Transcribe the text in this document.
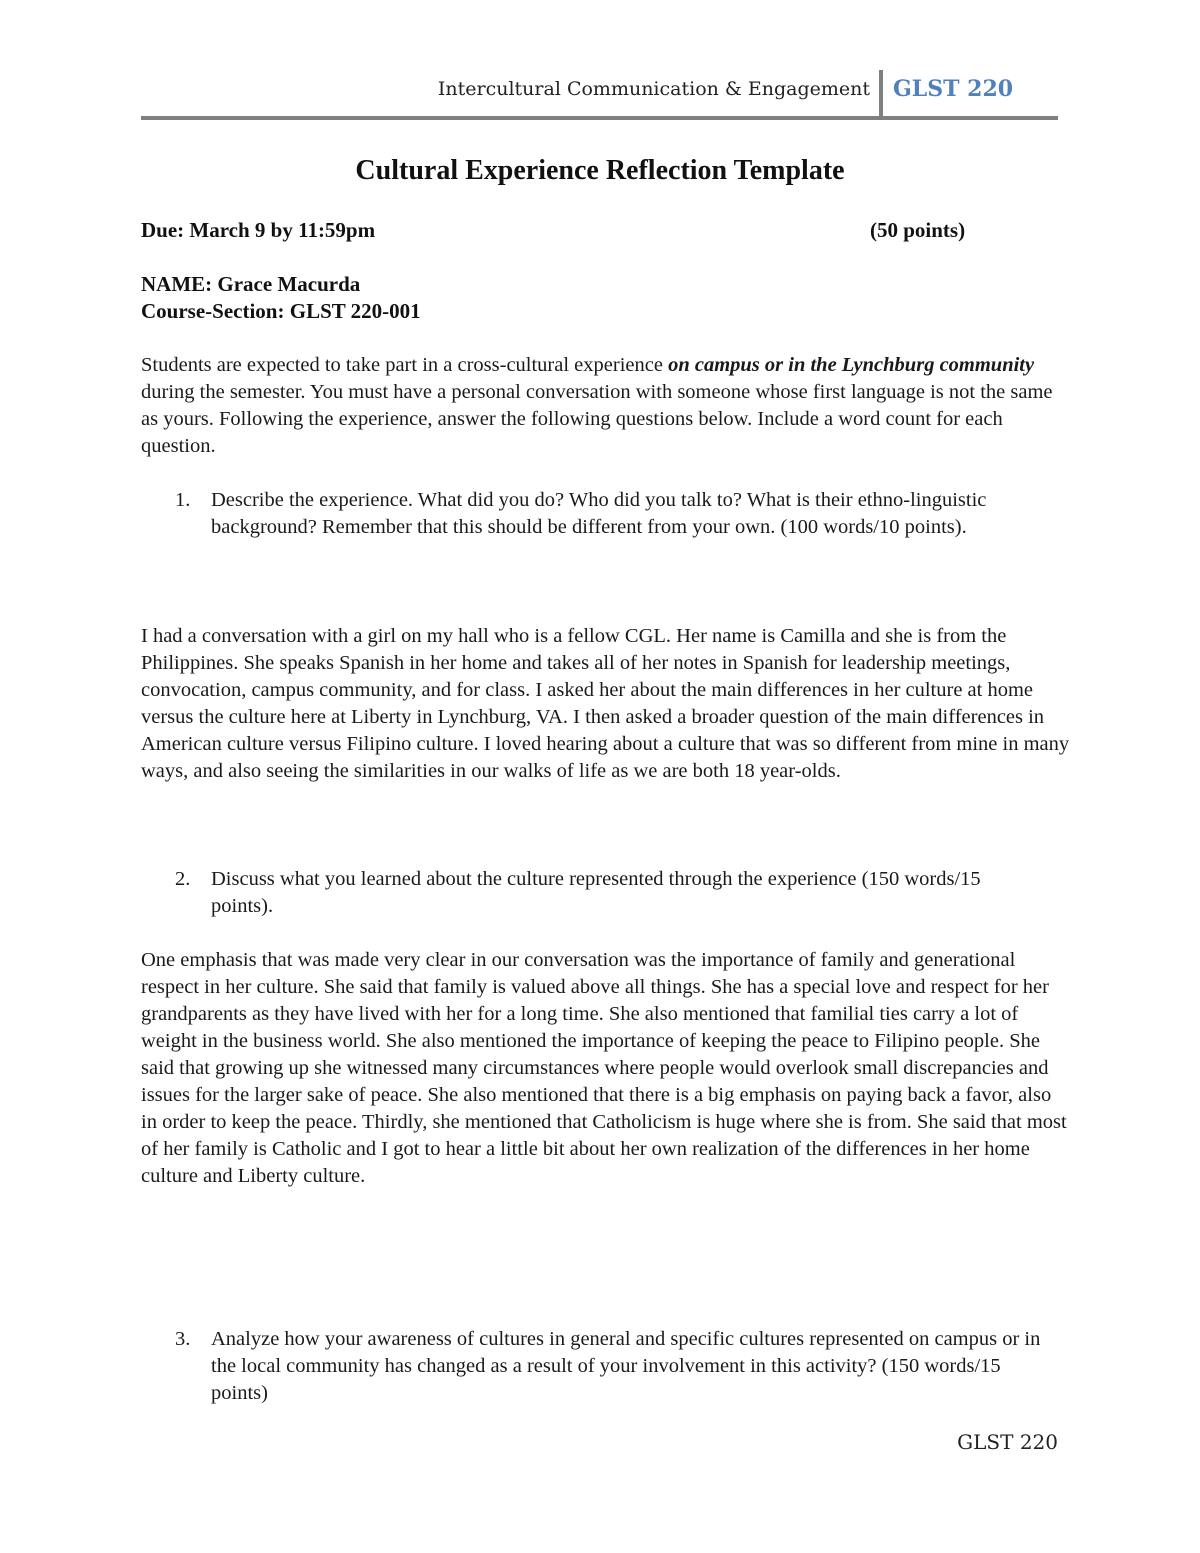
Intercultural Communication & Engagement GLST 220
Cultural Experience Reflection Template
Due: March 9 by 11:59pm	(50 points)
NAME: Grace Macurda
Course-Section: GLST 220-001
Students are expected to take part in a cross-cultural experience on campus or in the Lynchburg community during the semester. You must have a personal conversation with someone whose first language is not the same as yours. Following the experience, answer the following questions below. Include a word count for each question.
1. Describe the experience. What did you do? Who did you talk to? What is their ethno-linguistic background? Remember that this should be different from your own. (100 words/10 points).
I had a conversation with a girl on my hall who is a fellow CGL. Her name is Camilla and she is from the Philippines. She speaks Spanish in her home and takes all of her notes in Spanish for leadership meetings, convocation, campus community, and for class. I asked her about the main differences in her culture at home versus the culture here at Liberty in Lynchburg, VA. I then asked a broader question of the main differences in American culture versus Filipino culture. I loved hearing about a culture that was so different from mine in many ways, and also seeing the similarities in our walks of life as we are both 18 year-olds.
2. Discuss what you learned about the culture represented through the experience (150 words/15 points).
One emphasis that was made very clear in our conversation was the importance of family and generational respect in her culture. She said that family is valued above all things. She has a special love and respect for her grandparents as they have lived with her for a long time. She also mentioned that familial ties carry a lot of weight in the business world. She also mentioned the importance of keeping the peace to Filipino people. She said that growing up she witnessed many circumstances where people would overlook small discrepancies and issues for the larger sake of peace. She also mentioned that there is a big emphasis on paying back a favor, also in order to keep the peace. Thirdly, she mentioned that Catholicism is huge where she is from. She said that most of her family is Catholic and I got to hear a little bit about her own realization of the differences in her home culture and Liberty culture.
3. Analyze how your awareness of cultures in general and specific cultures represented on campus or in the local community has changed as a result of your involvement in this activity? (150 words/15 points)
GLST 220
